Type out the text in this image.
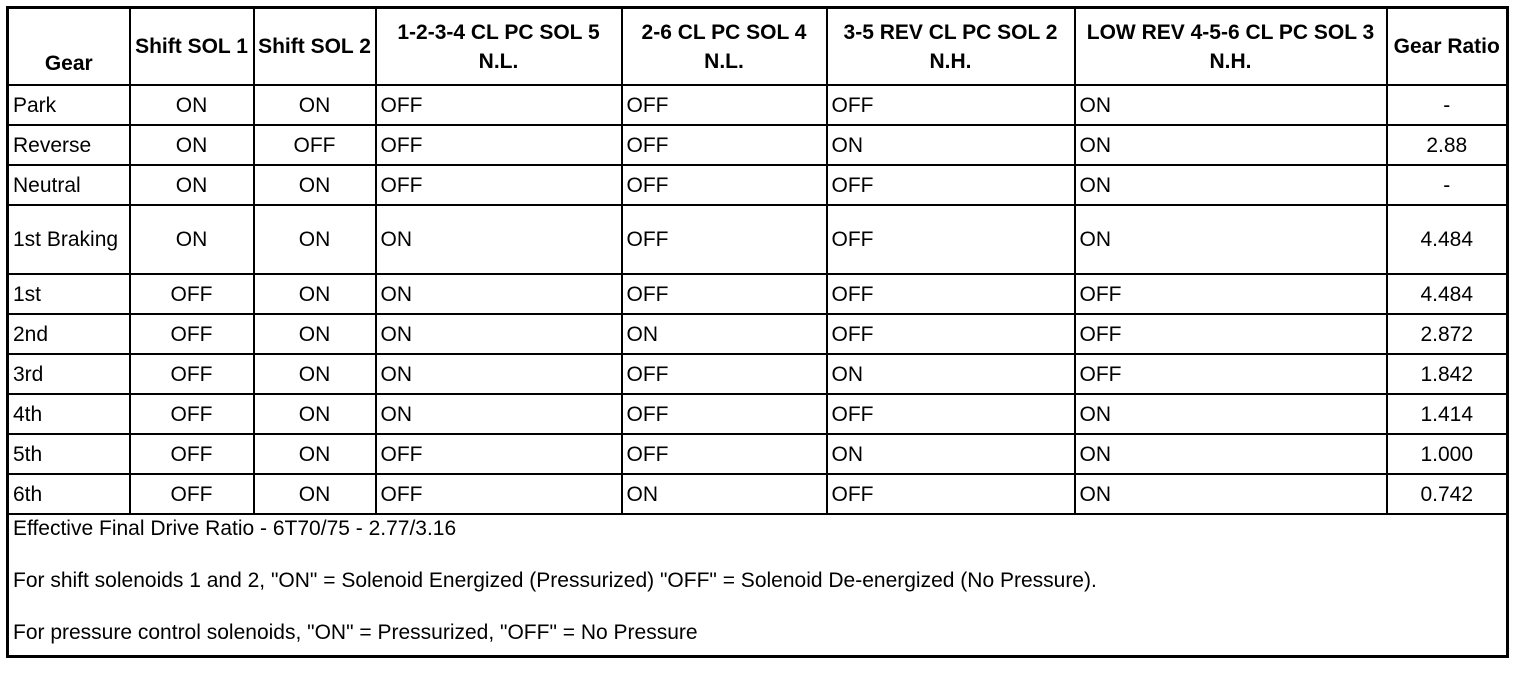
Gear	Shift SOL 1	Shift SOL 2	1-2-3-4 CL PC SOL 5 N.L.	2-6 CL PC SOL 4 N.L.	3-5 REV CL PC SOL 2 N.H.	LOW REV 4-5-6 CL PC SOL 3 N.H.	Gear Ratio
Park	ON	ON	OFF	OFF	OFF	ON	-
Reverse	ON	OFF	OFF	OFF	ON	ON	2.88
Neutral	ON	ON	OFF	OFF	OFF	ON	-
1st Braking	ON	ON	ON	OFF	OFF	ON	4.484
1st	OFF	ON	ON	OFF	OFF	OFF	4.484
2nd	OFF	ON	ON	ON	OFF	OFF	2.872
3rd	OFF	ON	ON	OFF	ON	OFF	1.842
4th	OFF	ON	ON	OFF	OFF	ON	1.414
5th	OFF	ON	OFF	OFF	ON	ON	1.000
6th	OFF	ON	OFF	ON	OFF	ON	0.742

Effective Final Drive Ratio - 6T70/75 - 2.77/3.16

For shift solenoids 1 and 2, "ON" = Solenoid Energized (Pressurized) "OFF" = Solenoid De-energized (No Pressure).

For pressure control solenoids, "ON" = Pressurized, "OFF" = No Pressure							
